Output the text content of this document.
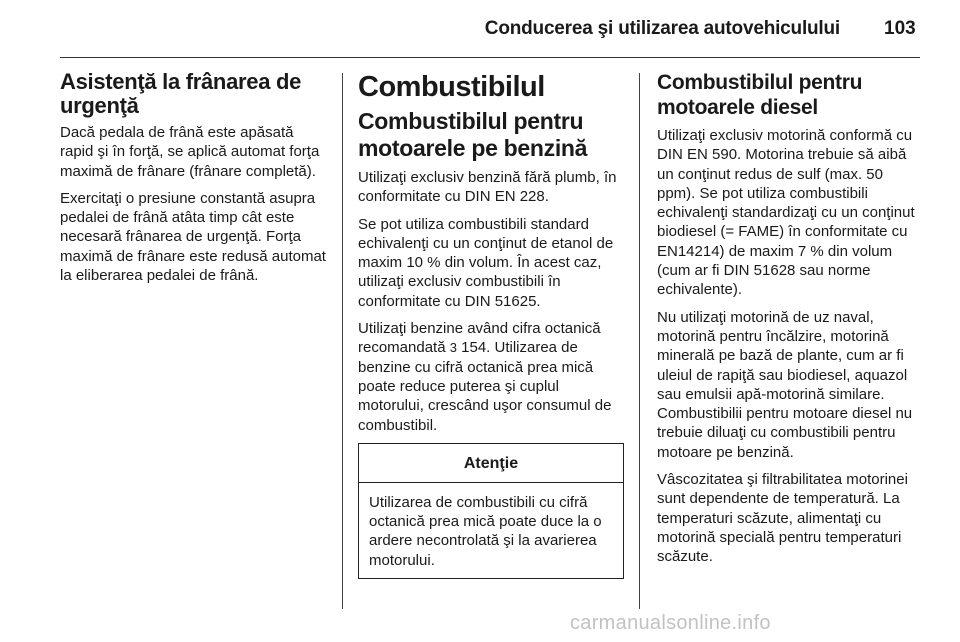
Conducerea şi utilizarea autovehiculului 103
Asistenţă la frânarea de urgenţă

Dacă pedala de frână este apăsată rapid şi în forţă, se aplică automat forţa maximă de frânare (frânare completă).

Exercitaţi o presiune constantă asupra pedalei de frână atâta timp cât este necesară frânarea de urgenţă. Forţa maximă de frânare este redusă automat la eliberarea pedalei de frână.

Combustibilul
Combustibilul pentru motoarele pe benzină

Utilizaţi exclusiv benzină fără plumb, în conformitate cu DIN EN 228.

Se pot utiliza combustibili standard echivalenţi cu un conţinut de etanol de maxim 10 % din volum. În acest caz, utilizaţi exclusiv combustibili în conformitate cu DIN 51625.

Utilizaţi benzine având cifra octanică recomandată 3 154. Utilizarea de benzine cu cifră octanică prea mică poate reduce puterea şi cuplul motorului, crescând uşor consumul de combustibil.

Atenţie

Utilizarea de combustibili cu cifră octanică prea mică poate duce la o ardere necontrolată şi la avarierea motorului.

Combustibilul pentru motoarele diesel

Utilizaţi exclusiv motorină conformă cu DIN EN 590. Motorina trebuie să aibă un conţinut redus de sulf (max. 50 ppm). Se pot utiliza combustibili echivalenţi standardizaţi cu un conţinut biodiesel (= FAME) în conformitate cu EN14214) de maxim 7 % din volum (cum ar fi DIN 51628 sau norme echivalente).

Nu utilizaţi motorină de uz naval, motorină pentru încălzire, motorină minerală pe bază de plante, cum ar fi uleiul de rapiţă sau biodiesel, aquazol sau emulsii apă-motorină similare. Combustibilii pentru motoare diesel nu trebuie diluaţi cu combustibili pentru motoare pe benzină.

Vâscozitatea şi filtrabilitatea motorinei sunt dependente de temperatură. La temperaturi scăzute, alimentaţi cu motorină specială pentru temperaturi scăzute.

carmanualsonline.info
